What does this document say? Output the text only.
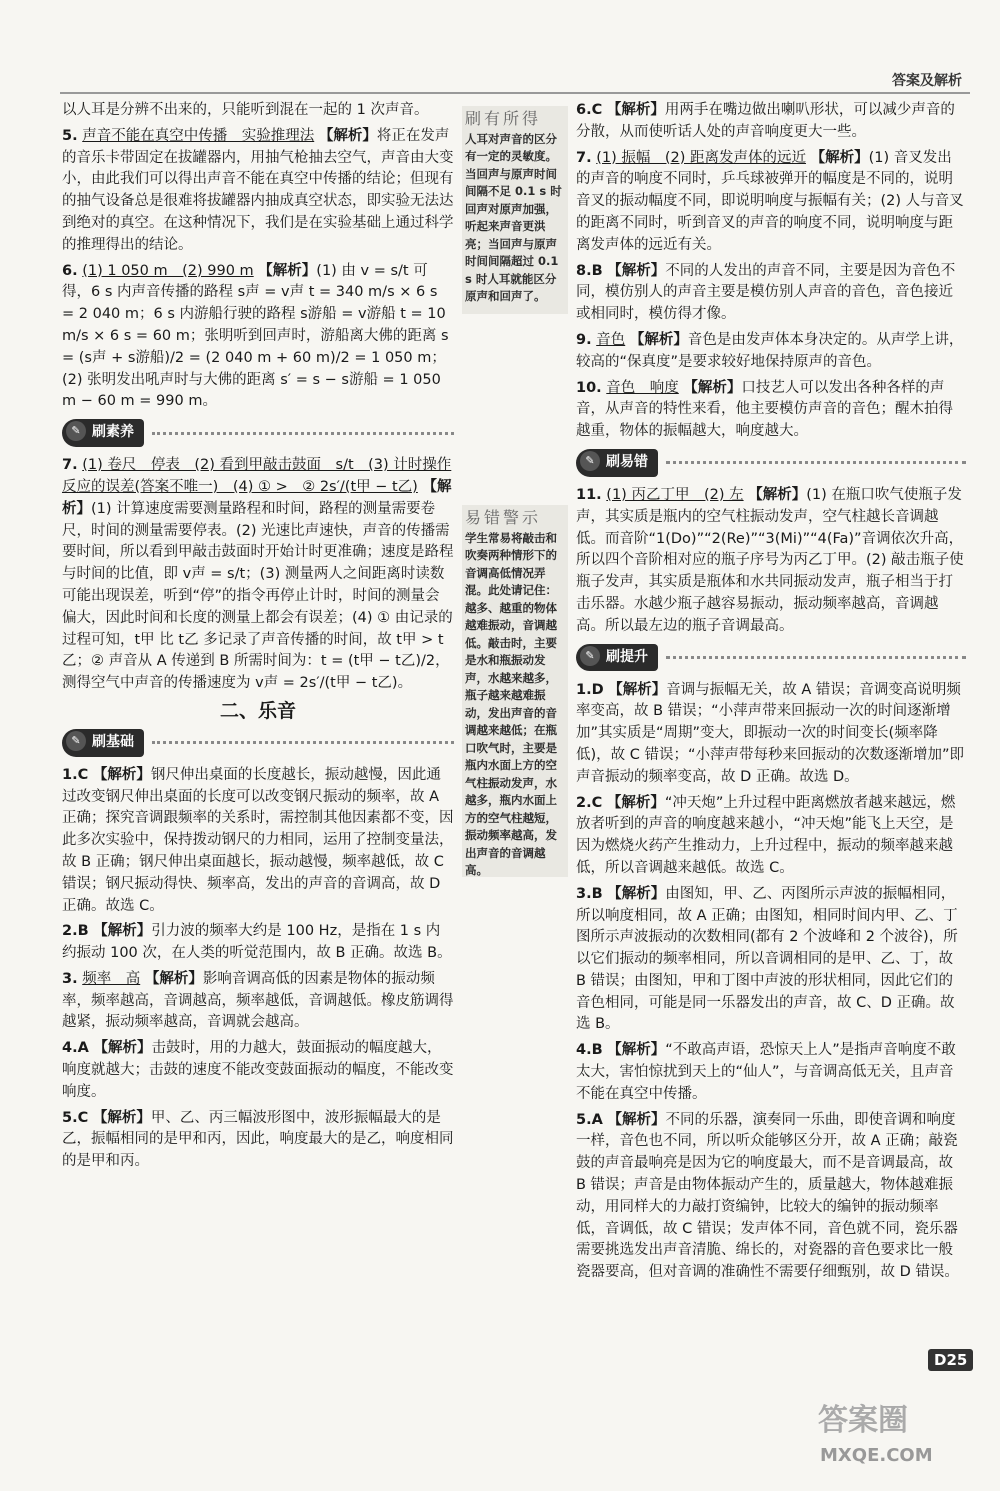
答案及解析
以人耳是分辨不出来的，只能听到混在一起的 1 次声音。
5. 声音不能在真空中传播　实验推理法 【解析】将正在发声的音乐卡带固定在拔罐器内，用抽气枪抽去空气，声音由大变小，由此我们可以得出声音不能在真空中传播的结论；但现有的抽气设备总是很难将拔罐器内抽成真空状态，即实验无法达到绝对的真空。在这种情况下，我们是在实验基础上通过科学的推理得出的结论。
6. (1) 1 050 m　(2) 990 m 【解析】(1) 由 v = s/t 可得，6 s 内声音传播的路程 s声 = v声 t = 340 m/s × 6 s = 2 040 m；6 s 内游船行驶的路程 s游船 = v游船 t = 10 m/s × 6 s = 60 m；张明听到回声时，游船离大佛的距离 s = (s声 + s游船)/2 = (2 040 m + 60 m)/2 = 1 050 m；(2) 张明发出吼声时与大佛的距离 s′ = s − s游船 = 1 050 m − 60 m = 990 m。
✎ 刷素养
7. (1) 卷尺　停表　(2) 看到甲敲击鼓面　s/t　(3) 计时操作反应的误差(答案不唯一)　(4) ① >　② 2s′/(t甲 − t乙) 【解析】(1) 计算速度需要测量路程和时间，路程的测量需要卷尺，时间的测量需要停表。(2) 光速比声速快，声音的传播需要时间，所以看到甲敲击鼓面时开始计时更准确；速度是路程与时间的比值，即 v声 = s/t；(3) 测量两人之间距离时读数可能出现误差，听到“停”的指令再停止计时，时间的测量会偏大，因此时间和长度的测量上都会有误差；(4) ① 由记录的过程可知，t甲 比 t乙 多记录了声音传播的时间，故 t甲 > t乙；② 声音从 A 传递到 B 所需时间为：t = (t甲 − t乙)/2，测得空气中声音的传播速度为 v声 = 2s′/(t甲 − t乙)。
二、乐音
✎ 刷基础
1.C 【解析】钢尺伸出桌面的长度越长，振动越慢，因此通过改变钢尺伸出桌面的长度可以改变钢尺振动的频率，故 A 正确；探究音调跟频率的关系时，需控制其他因素都不变，因此多次实验中，保持拨动钢尺的力相同，运用了控制变量法，故 B 正确；钢尺伸出桌面越长，振动越慢，频率越低，故 C 错误；钢尺振动得快、频率高，发出的声音的音调高，故 D 正确。故选 C。
2.B 【解析】引力波的频率大约是 100 Hz，是指在 1 s 内约振动 100 次，在人类的听觉范围内，故 B 正确。故选 B。
3. 频率　高 【解析】影响音调高低的因素是物体的振动频率，频率越高，音调越高，频率越低，音调越低。橡皮筋调得越紧，振动频率越高，音调就会越高。
4.A 【解析】击鼓时，用的力越大，鼓面振动的幅度越大，响度就越大；击鼓的速度不能改变鼓面振动的幅度，不能改变响度。
5.C 【解析】甲、乙、丙三幅波形图中，波形振幅最大的是乙，振幅相同的是甲和丙，因此，响度最大的是乙，响度相同的是甲和丙。
刷有所得
人耳对声音的区分有一定的灵敏度。当回声与原声时间间隔不足 0.1 s 时回声对原声加强，听起来声音更洪亮；当回声与原声时间间隔超过 0.1 s 时人耳就能区分原声和回声了。
易错警示
学生常易将敲击和吹奏两种情形下的音调高低情况弄混。此处请记住：越多、越重的物体越难振动，音调越低。敲击时，主要是水和瓶振动发声，水越来越多，瓶子越来越难振动，发出声音的音调越来越低；在瓶口吹气时，主要是瓶内水面上方的空气柱振动发声，水越多，瓶内水面上方的空气柱越短，振动频率越高，发出声音的音调越高。
6.C 【解析】用两手在嘴边做出喇叭形状，可以减少声音的分散，从而使听话人处的声音响度更大一些。
7. (1) 振幅　(2) 距离发声体的远近 【解析】(1) 音叉发出的声音的响度不同时，乒乓球被弹开的幅度是不同的，说明音叉的振动幅度不同，即说明响度与振幅有关；(2) 人与音叉的距离不同时，听到音叉的声音的响度不同，说明响度与距离发声体的远近有关。
8.B 【解析】不同的人发出的声音不同，主要是因为音色不同，模仿别人的声音主要是模仿别人声音的音色，音色接近或相同时，模仿得才像。
9. 音色 【解析】音色是由发声体本身决定的。从声学上讲，较高的“保真度”是要求较好地保持原声的音色。
10. 音色　响度 【解析】口技艺人可以发出各种各样的声音，从声音的特性来看，他主要模仿声音的音色；醒木拍得越重，物体的振幅越大，响度越大。
✎ 刷易错
11. (1) 丙乙丁甲　(2) 左 【解析】(1) 在瓶口吹气使瓶子发声，其实质是瓶内的空气柱振动发声，空气柱越长音调越低。而音阶“1(Do)”“2(Re)”“3(Mi)”“4(Fa)”音调依次升高，所以四个音阶相对应的瓶子序号为丙乙丁甲。(2) 敲击瓶子使瓶子发声，其实质是瓶体和水共同振动发声，瓶子相当于打击乐器。水越少瓶子越容易振动，振动频率越高，音调越高。所以最左边的瓶子音调最高。
✎ 刷提升
1.D 【解析】音调与振幅无关，故 A 错误；音调变高说明频率变高，故 B 错误；“小萍声带来回振动一次的时间逐渐增加”其实质是“周期”变大，即振动一次的时间变长(频率降低)，故 C 错误；“小萍声带每秒来回振动的次数逐渐增加”即声音振动的频率变高，故 D 正确。故选 D。
2.C 【解析】“冲天炮”上升过程中距离燃放者越来越远，燃放者听到的声音的响度越来越小，“冲天炮”能飞上天空，是因为燃烧火药产生推动力，上升过程中，振动的频率越来越低，所以音调越来越低。故选 C。
3.B 【解析】由图知，甲、乙、丙图所示声波的振幅相同，所以响度相同，故 A 正确；由图知，相同时间内甲、乙、丁图所示声波振动的次数相同(都有 2 个波峰和 2 个波谷)，所以它们振动的频率相同，所以音调相同的是甲、乙、丁，故 B 错误；由图知，甲和丁图中声波的形状相同，因此它们的音色相同，可能是同一乐器发出的声音，故 C、D 正确。故选 B。
4.B 【解析】“不敢高声语，恐惊天上人”是指声音响度不敢太大，害怕惊扰到天上的“仙人”，与音调高低无关，且声音不能在真空中传播。
5.A 【解析】不同的乐器，演奏同一乐曲，即使音调和响度一样，音色也不同，所以听众能够区分开，故 A 正确；敲瓷鼓的声音最响亮是因为它的响度最大，而不是音调最高，故 B 错误；声音是由物体振动产生的，质量越大，物体越难振动，用同样大的力敲打资编钟，比较大的编钟的振动频率低，音调低，故 C 错误；发声体不同，音色就不同，瓷乐器需要挑选发出声音清脆、绵长的，对瓷器的音色要求比一般瓷器要高，但对音调的准确性不需要仔细甄别，故 D 错误。
D25
答案圈
MXQE.COM
